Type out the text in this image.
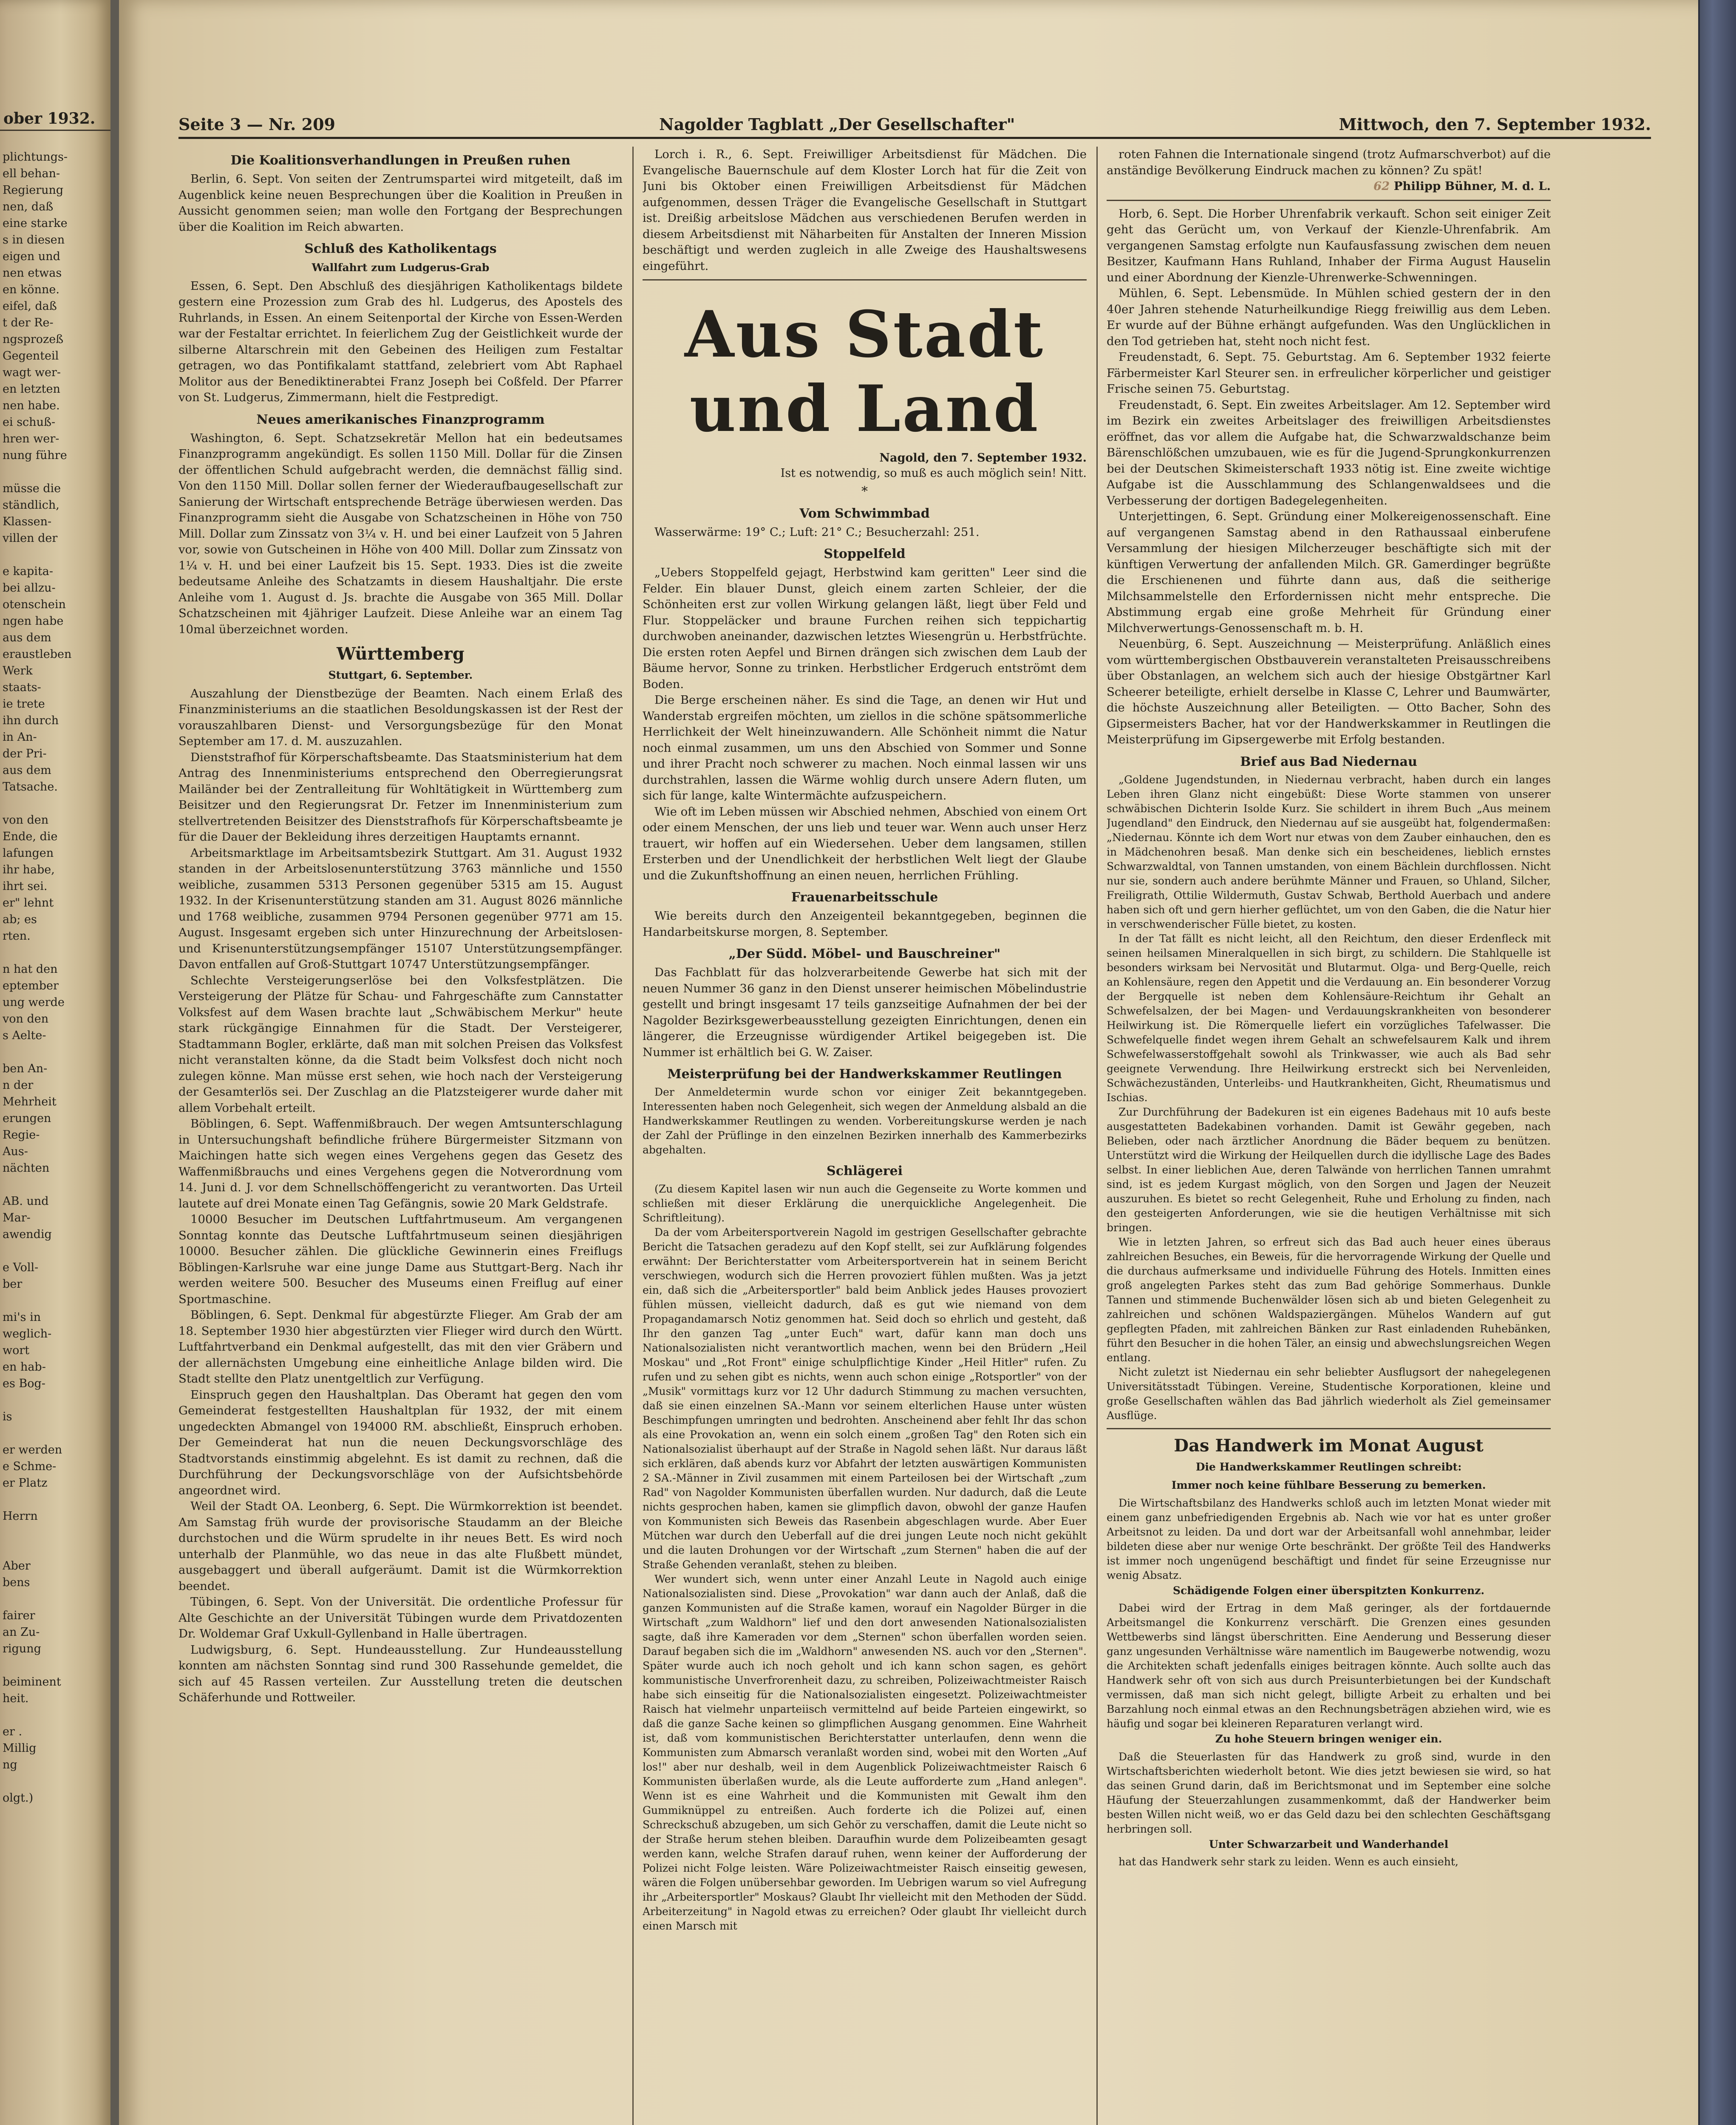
ober 1932.
plichtungs-
ell behan-
Regierung
nen, daß
eine starke
s in diesen
eigen und
nen etwas
en könne.
eifel, daß
t der Re-
ngsprozeß
Gegenteil
wagt wer-
en letzten
nen habe.
ei schuß-
hren wer-
nung führe

müsse die
ständlich,
Klassen-
villen der

e kapita-
bei allzu-
otenschein
ngen habe
aus dem
eraustleben
Werk
staats-
ie trete
ihn durch
in An-
der Pri-
aus dem
Tatsache.

von den
Ende, die
lafungen
ihr habe,
ihrt sei.
er" lehnt
ab; es
rten.

n hat den
eptember
ung werde
von den
s Aelte-

ben An-
n der
Mehrheit
erungen
Regie-
Aus-
nächten

AB. und
Mar-
awendig

e Voll-
ber

mi's in
weglich-
wort
en hab-
es Bog-

is

er werden
e Schme-
er Platz

Herrn

Aber
bens

fairer
an Zu-
rigung

beiminent
heit.

er .
Millig
ng

olgt.)
Seite 3 — Nr. 209	Nagolder Tagblatt „Der Gesellschafter"	Mittwoch, den 7. September 1932.
Die Koalitionsverhandlungen in Preußen ruhen

Berlin, 6. Sept. Von seiten der Zentrumspartei wird mitgeteilt, daß im Augenblick keine neuen Besprechungen über die Koalition in Preußen in Aussicht genommen seien; man wolle den Fortgang der Besprechungen über die Koalition im Reich abwarten.

Schluß des Katholikentags
Wallfahrt zum Ludgerus-Grab

Essen, 6. Sept. Den Abschluß des diesjährigen Katholikentags bildete gestern eine Prozession zum Grab des hl. Ludgerus, des Apostels des Ruhrlands, in Essen. An einem Seitenportal der Kirche von Essen-Werden war der Festaltar errichtet. In feierlichem Zug der Geistlichkeit wurde der silberne Altarschrein mit den Gebeinen des Heiligen zum Festaltar getragen, wo das Pontifikalamt stattfand, zelebriert vom Abt Raphael Molitor aus der Benediktinerabtei Franz Joseph bei Coßfeld. Der Pfarrer von St. Ludgerus, Zimmermann, hielt die Festpredigt.

Neues amerikanisches Finanzprogramm

Washington, 6. Sept. Schatzsekretär Mellon hat ein bedeutsames Finanzprogramm angekündigt. Es sollen 1150 Mill. Dollar für die Zinsen der öffentlichen Schuld aufgebracht werden, die demnächst fällig sind. Von den 1150 Mill. Dollar sollen ferner der Wiederaufbaugesellschaft zur Sanierung der Wirtschaft entsprechende Beträge überwiesen werden. Das Finanzprogramm sieht die Ausgabe von Schatzscheinen in Höhe von 750 Mill. Dollar zum Zinssatz von 3¼ v. H. und bei einer Laufzeit von 5 Jahren vor, sowie von Gutscheinen in Höhe von 400 Mill. Dollar zum Zinssatz von 1¼ v. H. und bei einer Laufzeit bis 15. Sept. 1933. Dies ist die zweite bedeutsame Anleihe des Schatzamts in diesem Haushaltjahr. Die erste Anleihe vom 1. August d. Js. brachte die Ausgabe von 365 Mill. Dollar Schatzscheinen mit 4jähriger Laufzeit. Diese Anleihe war an einem Tag 10mal überzeichnet worden.

Württemberg
Stuttgart, 6. September.

Auszahlung der Dienstbezüge der Beamten. Nach einem Erlaß des Finanzministeriums an die staatlichen Besoldungskassen ist der Rest der vorauszahlbaren Dienst- und Versorgungsbezüge für den Monat September am 17. d. M. auszuzahlen.

Dienststrafhof für Körperschaftsbeamte. Das Staatsministerium hat dem Antrag des Innenministeriums entsprechend den Oberregierungsrat Mailänder bei der Zentralleitung für Wohltätigkeit in Württemberg zum Beisitzer und den Regierungsrat Dr. Fetzer im Innenministerium zum stellvertretenden Beisitzer des Dienststrafhofs für Körperschaftsbeamte je für die Dauer der Bekleidung ihres derzeitigen Hauptamts ernannt.

Arbeitsmarktlage im Arbeitsamtsbezirk Stuttgart. Am 31. August 1932 standen in der Arbeitslosenunterstützung 3763 männliche und 1550 weibliche, zusammen 5313 Personen gegenüber 5315 am 15. August 1932. In der Krisenunterstützung standen am 31. August 8026 männliche und 1768 weibliche, zusammen 9794 Personen gegenüber 9771 am 15. August. Insgesamt ergeben sich unter Hinzurechnung der Arbeitslosen- und Krisenunterstützungsempfänger 15107 Unterstützungsempfänger. Davon entfallen auf Groß-Stuttgart 10747 Unterstützungsempfänger.

Schlechte Versteigerungserlöse bei den Volksfestplätzen. Die Versteigerung der Plätze für Schau- und Fahrgeschäfte zum Cannstatter Volksfest auf dem Wasen brachte laut „Schwäbischem Merkur" heute stark rückgängige Einnahmen für die Stadt. Der Versteigerer, Stadtammann Bogler, erklärte, daß man mit solchen Preisen das Volksfest nicht veranstalten könne, da die Stadt beim Volksfest doch nicht noch zulegen könne. Man müsse erst sehen, wie hoch nach der Versteigerung der Gesamterlös sei. Der Zuschlag an die Platzsteigerer wurde daher mit allem Vorbehalt erteilt.

Böblingen, 6. Sept. Waffenmißbrauch. Der wegen Amtsunterschlagung in Untersuchungshaft befindliche frühere Bürgermeister Sitzmann von Maichingen hatte sich wegen eines Vergehens gegen das Gesetz des Waffenmißbrauchs und eines Vergehens gegen die Notverordnung vom 14. Juni d. J. vor dem Schnellschöffengericht zu verantworten. Das Urteil lautete auf drei Monate einen Tag Gefängnis, sowie 20 Mark Geldstrafe.

10000 Besucher im Deutschen Luftfahrtmuseum. Am vergangenen Sonntag konnte das Deutsche Luftfahrtmuseum seinen diesjährigen 10000. Besucher zählen. Die glückliche Gewinnerin eines Freiflugs Böblingen-Karlsruhe war eine junge Dame aus Stuttgart-Berg. Nach ihr werden weitere 500. Besucher des Museums einen Freiflug auf einer Sportmaschine.

Böblingen, 6. Sept. Denkmal für abgestürzte Flieger. Am Grab der am 18. September 1930 hier abgestürzten vier Flieger wird durch den Württ. Luftfahrtverband ein Denkmal aufgestellt, das mit den vier Gräbern und der allernächsten Umgebung eine einheitliche Anlage bilden wird. Die Stadt stellte den Platz unentgeltlich zur Verfügung.

Einspruch gegen den Haushaltplan. Das Oberamt hat gegen den vom Gemeinderat festgestellten Haushaltplan für 1932, der mit einem ungedeckten Abmangel von 194000 RM. abschließt, Einspruch erhoben. Der Gemeinderat hat nun die neuen Deckungsvorschläge des Stadtvorstands einstimmig abgelehnt. Es ist damit zu rechnen, daß die Durchführung der Deckungsvorschläge von der Aufsichtsbehörde angeordnet wird.

Weil der Stadt OA. Leonberg, 6. Sept. Die Würmkorrektion ist beendet. Am Samstag früh wurde der provisorische Staudamm an der Bleiche durchstochen und die Würm sprudelte in ihr neues Bett. Es wird noch unterhalb der Planmühle, wo das neue in das alte Flußbett mündet, ausgebaggert und überall aufgeräumt. Damit ist die Würmkorrektion beendet.

Tübingen, 6. Sept. Von der Universität. Die ordentliche Professur für Alte Geschichte an der Universität Tübingen wurde dem Privatdozenten Dr. Woldemar Graf Uxkull-Gyllenband in Halle übertragen.

Ludwigsburg, 6. Sept. Hundeausstellung. Zur Hundeausstellung konnten am nächsten Sonntag sind rund 300 Rassehunde gemeldet, die sich auf 45 Rassen verteilen. Zur Ausstellung treten die deutschen Schäferhunde und Rottweiler.

Lorch i. R., 6. Sept. Freiwilliger Arbeitsdienst für Mädchen. Die Evangelische Bauernschule auf dem Kloster Lorch hat für die Zeit von Juni bis Oktober einen Freiwilligen Arbeitsdienst für Mädchen aufgenommen, dessen Träger die Evangelische Gesellschaft in Stuttgart ist. Dreißig arbeitslose Mädchen aus verschiedenen Berufen werden in diesem Arbeitsdienst mit Näharbeiten für Anstalten der Inneren Mission beschäftigt und werden zugleich in alle Zweige des Haushaltswesens eingeführt.

Aus Stadt und Land
Nagold, den 7. September 1932.
Ist es notwendig, so muß es auch möglich sein! Nitt.
*
Vom Schwimmbad

Wasserwärme: 19° C.; Luft: 21° C.; Besucherzahl: 251.

Stoppelfeld

„Uebers Stoppelfeld gejagt, Herbstwind kam geritten" Leer sind die Felder. Ein blauer Dunst, gleich einem zarten Schleier, der die Schönheiten erst zur vollen Wirkung gelangen läßt, liegt über Feld und Flur. Stoppeläcker und braune Furchen reihen sich teppichartig durchwoben aneinander, dazwischen letztes Wiesengrün u. Herbstfrüchte. Die ersten roten Aepfel und Birnen drängen sich zwischen dem Laub der Bäume hervor, Sonne zu trinken. Herbstlicher Erdgeruch entströmt dem Boden.

Die Berge erscheinen näher. Es sind die Tage, an denen wir Hut und Wanderstab ergreifen möchten, um ziellos in die schöne spätsommerliche Herrlichkeit der Welt hineinzuwandern. Alle Schönheit nimmt die Natur noch einmal zusammen, um uns den Abschied von Sommer und Sonne und ihrer Pracht noch schwerer zu machen. Noch einmal lassen wir uns durchstrahlen, lassen die Wärme wohlig durch unsere Adern fluten, um sich für lange, kalte Wintermächte aufzuspeichern.

Wie oft im Leben müssen wir Abschied nehmen, Abschied von einem Ort oder einem Menschen, der uns lieb und teuer war. Wenn auch unser Herz trauert, wir hoffen auf ein Wiedersehen. Ueber dem langsamen, stillen Ersterben und der Unendlichkeit der herbstlichen Welt liegt der Glaube und die Zukunftshoffnung an einen neuen, herrlichen Frühling.

Frauenarbeitsschule

Wie bereits durch den Anzeigenteil bekanntgegeben, beginnen die Handarbeitskurse morgen, 8. September.

„Der Südd. Möbel- und Bauschreiner"

Das Fachblatt für das holzverarbeitende Gewerbe hat sich mit der neuen Nummer 36 ganz in den Dienst unserer heimischen Möbelindustrie gestellt und bringt insgesamt 17 teils ganzseitige Aufnahmen der bei der Nagolder Bezirksgewerbeausstellung gezeigten Einrichtungen, denen ein längerer, die Erzeugnisse würdigender Artikel beigegeben ist. Die Nummer ist erhältlich bei G. W. Zaiser.

Meisterprüfung bei der Handwerkskammer Reutlingen

Der Anmeldetermin wurde schon vor einiger Zeit bekanntgegeben. Interessenten haben noch Gelegenheit, sich wegen der Anmeldung alsbald an die Handwerkskammer Reutlingen zu wenden. Vorbereitungskurse werden je nach der Zahl der Prüflinge in den einzelnen Bezirken innerhalb des Kammerbezirks abgehalten.

Schlägerei

(Zu diesem Kapitel lasen wir nun auch die Gegenseite zu Worte kommen und schließen mit dieser Erklärung die unerquickliche Angelegenheit. Die Schriftleitung).

Da der vom Arbeitersportverein Nagold im gestrigen Gesellschafter gebrachte Bericht die Tatsachen geradezu auf den Kopf stellt, sei zur Aufklärung folgendes erwähnt: Der Berichterstatter vom Arbeitersportverein hat in seinem Bericht verschwiegen, wodurch sich die Herren provoziert fühlen mußten. Was ja jetzt ein, daß sich die „Arbeitersportler" bald beim Anblick jedes Hauses provoziert fühlen müssen, vielleicht dadurch, daß es gut wie niemand von dem Propagandamarsch Notiz genommen hat. Seid doch so ehrlich und gesteht, daß Ihr den ganzen Tag „unter Euch" wart, dafür kann man doch uns Nationalsozialisten nicht verantwortlich machen, wenn bei den Brüdern „Heil Moskau" und „Rot Front" einige schulpflichtige Kinder „Heil Hitler" rufen. Zu rufen und zu sehen gibt es nichts, wenn auch schon einige „Rotsportler" von der „Musik" vormittags kurz vor 12 Uhr dadurch Stimmung zu machen versuchten, daß sie einen einzelnen SA.-Mann vor seinem elterlichen Hause unter wüsten Beschimpfungen umringten und bedrohten. Anscheinend aber fehlt Ihr das schon als eine Provokation an, wenn ein solch einem „großen Tag" den Roten sich ein Nationalsozialist überhaupt auf der Straße in Nagold sehen läßt. Nur daraus läßt sich erklären, daß abends kurz vor Abfahrt der letzten auswärtigen Kommunisten 2 SA.-Männer in Zivil zusammen mit einem Parteilosen bei der Wirtschaft „zum Rad" von Nagolder Kommunisten überfallen wurden. Nur dadurch, daß die Leute nichts gesprochen haben, kamen sie glimpflich davon, obwohl der ganze Haufen von Kommunisten sich Beweis das Rasenbein abgeschlagen wurde. Aber Euer Mütchen war durch den Ueberfall auf die drei jungen Leute noch nicht gekühlt und die lauten Drohungen vor der Wirtschaft „zum Sternen" haben die auf der Straße Gehenden veranlaßt, stehen zu bleiben.

Wer wundert sich, wenn unter einer Anzahl Leute in Nagold auch einige Nationalsozialisten sind. Diese „Provokation" war dann auch der Anlaß, daß die ganzen Kommunisten auf die Straße kamen, worauf ein Nagolder Bürger in die Wirtschaft „zum Waldhorn" lief und den dort anwesenden Nationalsozialisten sagte, daß ihre Kameraden vor dem „Sternen" schon überfallen worden seien. Darauf begaben sich die im „Waldhorn" anwesenden NS. auch vor den „Sternen". Später wurde auch ich noch geholt und ich kann schon sagen, es gehört kommunistische Unverfrorenheit dazu, zu schreiben, Polizeiwachtmeister Raisch habe sich einseitig für die Nationalsozialisten eingesetzt. Polizeiwachtmeister Raisch hat vielmehr unparteiisch vermittelnd auf beide Parteien eingewirkt, so daß die ganze Sache keinen so glimpflichen Ausgang genommen. Eine Wahrheit ist, daß vom kommunistischen Berichterstatter unterlaufen, denn wenn die Kommunisten zum Abmarsch veranlaßt worden sind, wobei mit den Worten „Auf los!" aber nur deshalb, weil in dem Augenblick Polizeiwachtmeister Raisch 6 Kommunisten überlaßen wurde, als die Leute aufforderte zum „Hand anlegen". Wenn ist es eine Wahrheit und die Kommunisten mit Gewalt ihm den Gummiknüppel zu entreißen. Auch forderte ich die Polizei auf, einen Schreckschuß abzugeben, um sich Gehör zu verschaffen, damit die Leute nicht so der Straße herum stehen bleiben. Daraufhin wurde dem Polizeibeamten gesagt werden kann, welche Strafen darauf ruhen, wenn keiner der Aufforderung der Polizei nicht Folge leisten. Wäre Polizeiwachtmeister Raisch einseitig gewesen, wären die Folgen unübersehbar geworden. Im Uebrigen warum so viel Aufregung ihr „Arbeitersportler" Moskaus? Glaubt Ihr vielleicht mit den Methoden der Südd. Arbeiterzeitung" in Nagold etwas zu erreichen? Oder glaubt Ihr vielleicht durch einen Marsch mit

roten Fahnen die Internationale singend (trotz Aufmarschverbot) auf die anständige Bevölkerung Eindruck machen zu können? Zu spät!

62 Philipp Bühner, M. d. L.

Horb, 6. Sept. Die Horber Uhrenfabrik verkauft. Schon seit einiger Zeit geht das Gerücht um, von Verkauf der Kienzle-Uhrenfabrik. Am vergangenen Samstag erfolgte nun Kaufausfassung zwischen dem neuen Besitzer, Kaufmann Hans Ruhland, Inhaber der Firma August Hauselin und einer Abordnung der Kienzle-Uhrenwerke-Schwenningen.

Mühlen, 6. Sept. Lebensmüde. In Mühlen schied gestern der in den 40er Jahren stehende Naturheilkundige Riegg freiwillig aus dem Leben. Er wurde auf der Bühne erhängt aufgefunden. Was den Unglücklichen in den Tod getrieben hat, steht noch nicht fest.

Freudenstadt, 6. Sept. 75. Geburtstag. Am 6. September 1932 feierte Färbermeister Karl Steurer sen. in erfreulicher körperlicher und geistiger Frische seinen 75. Geburtstag.

Freudenstadt, 6. Sept. Ein zweites Arbeitslager. Am 12. September wird im Bezirk ein zweites Arbeitslager des freiwilligen Arbeitsdienstes eröffnet, das vor allem die Aufgabe hat, die Schwarzwaldschanze beim Bärenschlößchen umzubauen, wie es für die Jugend-Sprungkonkurrenzen bei der Deutschen Skimeisterschaft 1933 nötig ist. Eine zweite wichtige Aufgabe ist die Ausschlammung des Schlangenwaldsees und die Verbesserung der dortigen Badegelegenheiten.

Unterjettingen, 6. Sept. Gründung einer Molkereigenossenschaft. Eine auf vergangenen Samstag abend in den Rathaussaal einberufene Versammlung der hiesigen Milcherzeuger beschäftigte sich mit der künftigen Verwertung der anfallenden Milch. GR. Gamerdinger begrüßte die Erschienenen und führte dann aus, daß die seitherige Milchsammelstelle den Erfordernissen nicht mehr entspreche. Die Abstimmung ergab eine große Mehrheit für Gründung einer Milchverwertungs-Genossenschaft m. b. H.

Neuenbürg, 6. Sept. Auszeichnung — Meisterprüfung. Anläßlich eines vom württembergischen Obstbauverein veranstalteten Preisausschreibens über Obstanlagen, an welchem sich auch der hiesige Obstgärtner Karl Scheerer beteiligte, erhielt derselbe in Klasse C, Lehrer und Baumwärter, die höchste Auszeichnung aller Beteiligten. — Otto Bacher, Sohn des Gipsermeisters Bacher, hat vor der Handwerkskammer in Reutlingen die Meisterprüfung im Gipsergewerbe mit Erfolg bestanden.

Brief aus Bad Niedernau

„Goldene Jugendstunden, in Niedernau verbracht, haben durch ein langes Leben ihren Glanz nicht eingebüßt: Diese Worte stammen von unserer schwäbischen Dichterin Isolde Kurz. Sie schildert in ihrem Buch „Aus meinem Jugendland" den Eindruck, den Niedernau auf sie ausgeübt hat, folgendermaßen: „Niedernau. Könnte ich dem Wort nur etwas von dem Zauber einhauchen, den es in Mädchenohren besaß. Man denke sich ein bescheidenes, lieblich ernstes Schwarzwaldtal, von Tannen umstanden, von einem Bächlein durchflossen. Nicht nur sie, sondern auch andere berühmte Männer und Frauen, so Uhland, Silcher, Freiligrath, Ottilie Wildermuth, Gustav Schwab, Berthold Auerbach und andere haben sich oft und gern hierher geflüchtet, um von den Gaben, die die Natur hier in verschwenderischer Fülle bietet, zu kosten.

In der Tat fällt es nicht leicht, all den Reichtum, den dieser Erdenfleck mit seinen heilsamen Mineralquellen in sich birgt, zu schildern. Die Stahlquelle ist besonders wirksam bei Nervosität und Blutarmut. Olga- und Berg-Quelle, reich an Kohlensäure, regen den Appetit und die Verdauung an. Ein besonderer Vorzug der Bergquelle ist neben dem Kohlensäure-Reichtum ihr Gehalt an Schwefelsalzen, der bei Magen- und Verdauungskrankheiten von besonderer Heilwirkung ist. Die Römerquelle liefert ein vorzügliches Tafelwasser. Die Schwefelquelle findet wegen ihrem Gehalt an schwefelsaurem Kalk und ihrem Schwefelwasserstoffgehalt sowohl als Trinkwasser, wie auch als Bad sehr geeignete Verwendung. Ihre Heilwirkung erstreckt sich bei Nervenleiden, Schwächezuständen, Unterleibs- und Hautkrankheiten, Gicht, Rheumatismus und Ischias.

Zur Durchführung der Badekuren ist ein eigenes Badehaus mit 10 aufs beste ausgestatteten Badekabinen vorhanden. Damit ist Gewähr gegeben, nach Belieben, oder nach ärztlicher Anordnung die Bäder bequem zu benützen. Unterstützt wird die Wirkung der Heilquellen durch die idyllische Lage des Bades selbst. In einer lieblichen Aue, deren Talwände von herrlichen Tannen umrahmt sind, ist es jedem Kurgast möglich, von den Sorgen und Jagen der Neuzeit auszuruhen. Es bietet so recht Gelegenheit, Ruhe und Erholung zu finden, nach den gesteigerten Anforderungen, wie sie die heutigen Verhältnisse mit sich bringen.

Wie in letzten Jahren, so erfreut sich das Bad auch heuer eines überaus zahlreichen Besuches, ein Beweis, für die hervorragende Wirkung der Quelle und die durchaus aufmerksame und individuelle Führung des Hotels. Inmitten eines groß angelegten Parkes steht das zum Bad gehörige Sommerhaus. Dunkle Tannen und stimmende Buchenwälder lösen sich ab und bieten Gelegenheit zu zahlreichen und schönen Waldspaziergängen. Mühelos Wandern auf gut gepflegten Pfaden, mit zahlreichen Bänken zur Rast einladenden Ruhebänken, führt den Besucher in die hohen Täler, an einsig und abwechslungsreichen Wegen entlang.

Nicht zuletzt ist Niedernau ein sehr beliebter Ausflugsort der nahegelegenen Universitätsstadt Tübingen. Vereine, Studentische Korporationen, kleine und große Gesellschaften wählen das Bad jährlich wiederholt als Ziel gemeinsamer Ausflüge.

Das Handwerk im Monat August
Die Handwerkskammer Reutlingen schreibt:
Immer noch keine fühlbare Besserung zu bemerken.

Die Wirtschaftsbilanz des Handwerks schloß auch im letzten Monat wieder mit einem ganz unbefriedigenden Ergebnis ab. Nach wie vor hat es unter großer Arbeitsnot zu leiden. Da und dort war der Arbeitsanfall wohl annehmbar, leider bildeten diese aber nur wenige Orte beschränkt. Der größte Teil des Handwerks ist immer noch ungenügend beschäftigt und findet für seine Erzeugnisse nur wenig Absatz.

Schädigende Folgen einer überspitzten Konkurrenz.

Dabei wird der Ertrag in dem Maß geringer, als der fortdauernde Arbeitsmangel die Konkurrenz verschärft. Die Grenzen eines gesunden Wettbewerbs sind längst überschritten. Eine Aenderung und Besserung dieser ganz ungesunden Verhältnisse wäre namentlich im Baugewerbe notwendig, wozu die Architekten schaft jedenfalls einiges beitragen könnte. Auch sollte auch das Handwerk sehr oft von sich aus durch Preisunterbietungen bei der Kundschaft vermissen, daß man sich nicht gelegt, billigte Arbeit zu erhalten und bei Barzahlung noch einmal etwas an den Rechnungsbeträgen abziehen wird, wie es häufig und sogar bei kleineren Reparaturen verlangt wird.

Zu hohe Steuern bringen weniger ein.

Daß die Steuerlasten für das Handwerk zu groß sind, wurde in den Wirtschaftsberichten wiederholt betont. Wie dies jetzt bewiesen sie wird, so hat das seinen Grund darin, daß im Berichtsmonat und im September eine solche Häufung der Steuerzahlungen zusammenkommt, daß der Handwerker beim besten Willen nicht weiß, wo er das Geld dazu bei den schlechten Geschäftsgang herbringen soll.

Unter Schwarzarbeit und Wanderhandel

hat das Handwerk sehr stark zu leiden. Wenn es auch einsieht,
